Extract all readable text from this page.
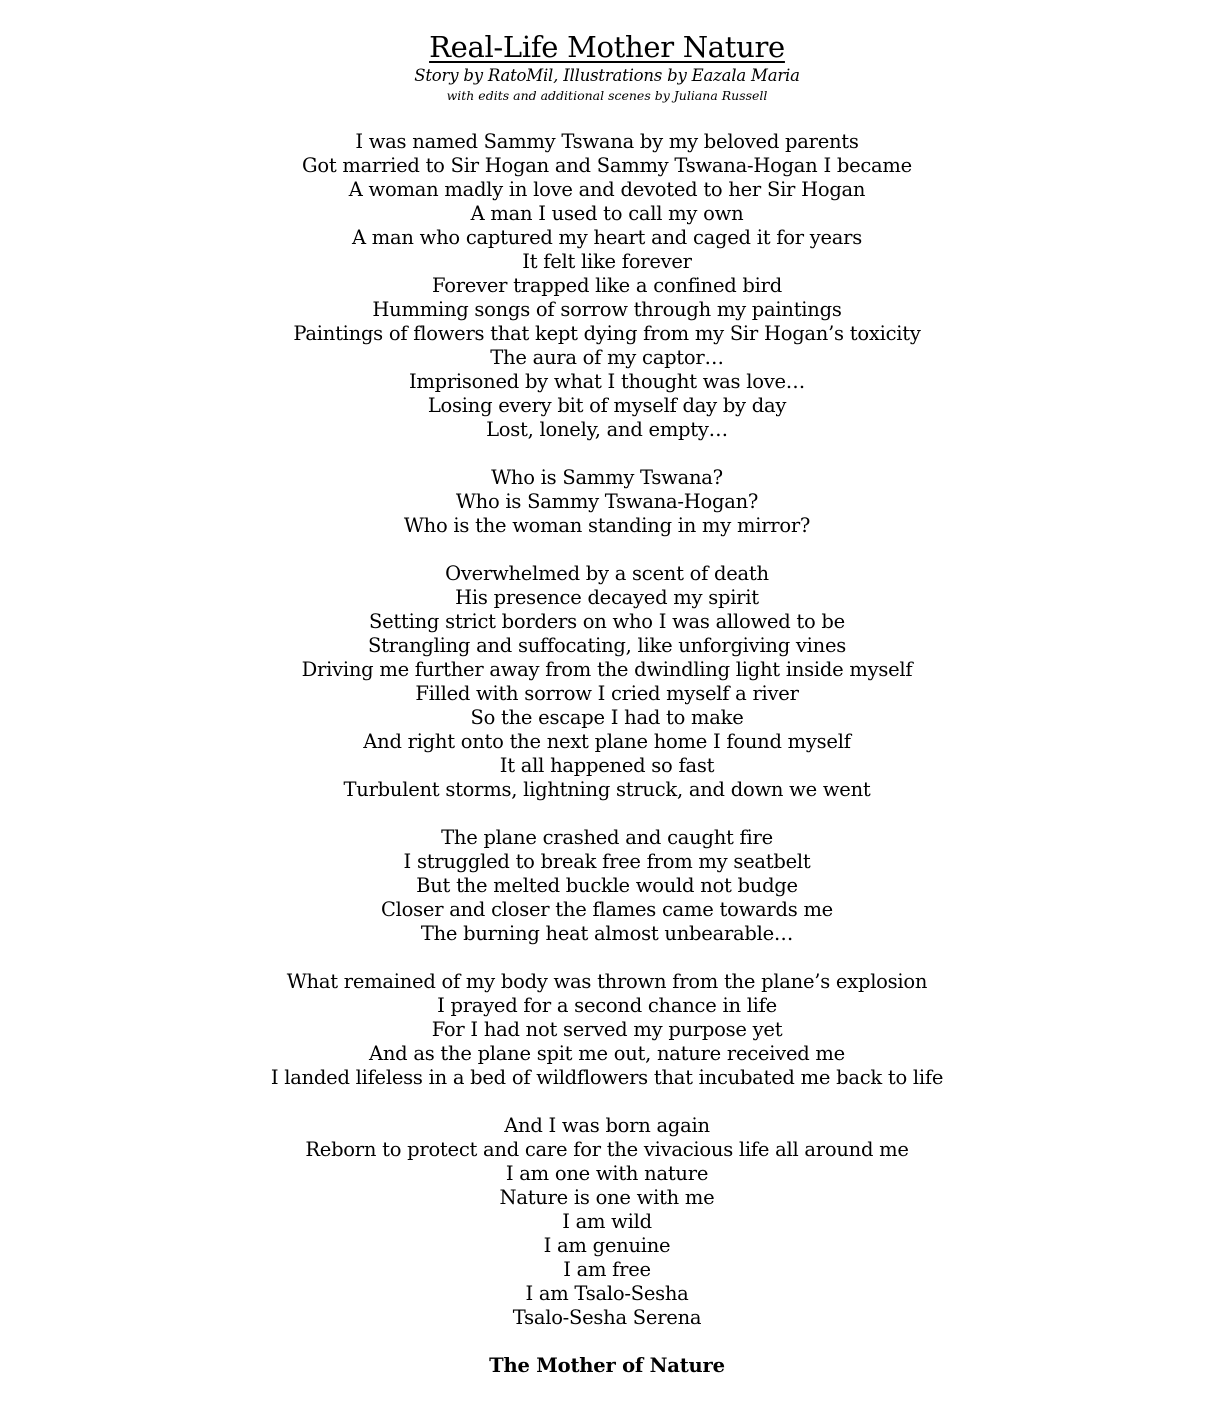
Real-Life Mother Nature
Story by RatoMil, Illustrations by Eazala Maria
with edits and additional scenes by Juliana Russell
I was named Sammy Tswana by my beloved parents
Got married to Sir Hogan and Sammy Tswana-Hogan I became
A woman madly in love and devoted to her Sir Hogan
A man I used to call my own
A man who captured my heart and caged it for years
It felt like forever
Forever trapped like a confined bird
Humming songs of sorrow through my paintings
Paintings of flowers that kept dying from my Sir Hogan’s toxicity
The aura of my captor…
Imprisoned by what I thought was love…
Losing every bit of myself day by day
Lost, lonely, and empty…
Who is Sammy Tswana?
Who is Sammy Tswana-Hogan?
Who is the woman standing in my mirror?
Overwhelmed by a scent of death
His presence decayed my spirit
Setting strict borders on who I was allowed to be
Strangling and suffocating, like unforgiving vines
Driving me further away from the dwindling light inside myself
Filled with sorrow I cried myself a river
So the escape I had to make
And right onto the next plane home I found myself
It all happened so fast
Turbulent storms, lightning struck, and down we went
The plane crashed and caught fire
I struggled to break free from my seatbelt
But the melted buckle would not budge
Closer and closer the flames came towards me
The burning heat almost unbearable…
What remained of my body was thrown from the plane’s explosion
I prayed for a second chance in life
For I had not served my purpose yet
And as the plane spit me out, nature received me
I landed lifeless in a bed of wildflowers that incubated me back to life
And I was born again
Reborn to protect and care for the vivacious life all around me
I am one with nature
Nature is one with me
I am wild
I am genuine
I am free
I am Tsalo-Sesha
Tsalo-Sesha Serena
The Mother of Nature
